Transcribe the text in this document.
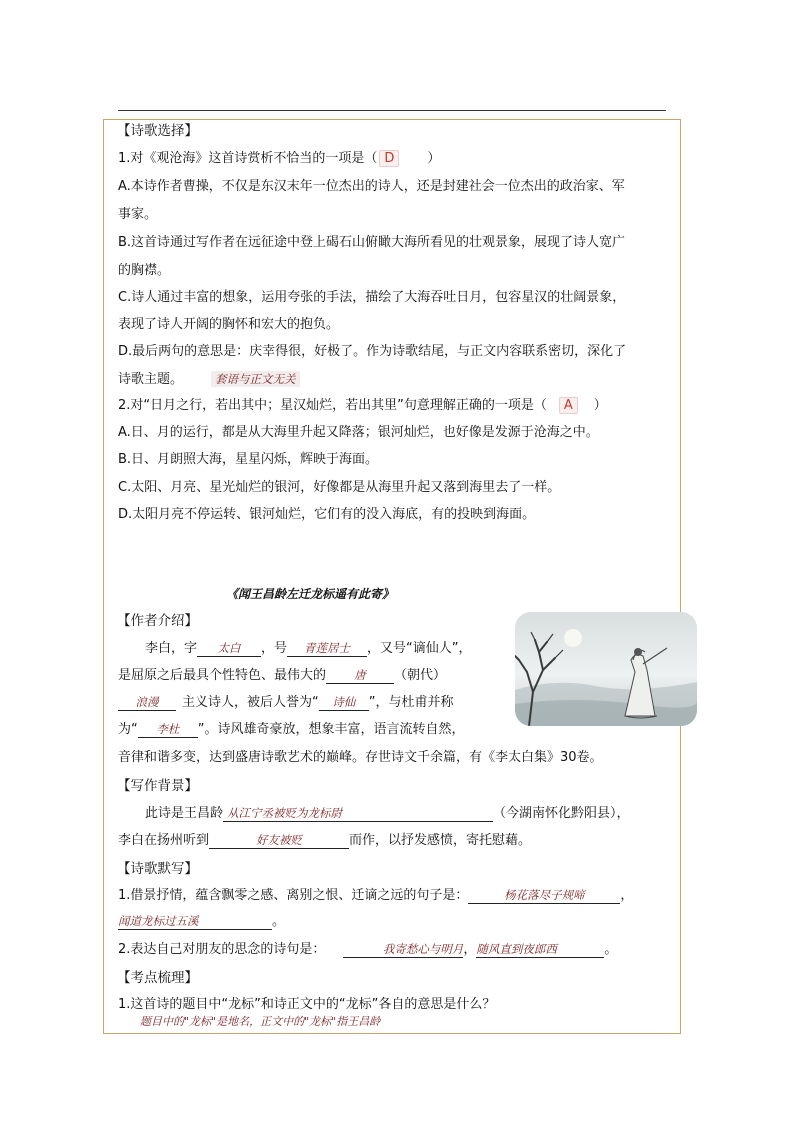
【诗歌选择】
1.对《观沧海》这首诗赏析不恰当的一项是（ D	）
A.本诗作者曹操，不仅是东汉末年一位杰出的诗人，还是封建社会一位杰出的政治家、军
事家。
B.这首诗通过写作者在远征途中登上碣石山俯瞰大海所看见的壮观景象，展现了诗人宽广
的胸襟。
C.诗人通过丰富的想象，运用夸张的手法，描绘了大海吞吐日月，包容星汉的壮阔景象，
表现了诗人开阔的胸怀和宏大的抱负。
D.最后两句的意思是：庆幸得很，好极了。作为诗歌结尾，与正文内容联系密切，深化了
诗歌主题。	套语与正文无关
2.对“日月之行，若出其中；星汉灿烂，若出其里”句意理解正确的一项是（ A ）
A.日、月的运行，都是从大海里升起又降落；银河灿烂，也好像是发源于沧海之中。
B.日、月朗照大海，星星闪烁，辉映于海面。
C.太阳、月亮、星光灿烂的银河，好像都是从海里升起又落到海里去了一样。
D.太阳月亮不停运转、银河灿烂，它们有的没入海底，有的投映到海面。
《闻王昌龄左迁龙标遥有此寄》
【作者介绍】
李白，字 太白 ，号 青莲居士 ，又号“谪仙人”，
是屈原之后最具个性特色、最伟大的 唐 （朝代）
浪漫 主义诗人，被后人誉为“ 诗仙 ”，与杜甫并称
为“ 李杜 ”。诗风雄奇豪放，想象丰富，语言流转自然，
音律和谐多变，达到盛唐诗歌艺术的巅峰。存世诗文千余篇，有《李太白集》30卷。
【写作背景】
此诗是王昌龄 从江宁丞被贬为龙标尉	（今湖南怀化黔阳县），
李白在扬州听到	好友被贬	而作，以抒发感愤，寄托慰藉。
【诗歌默写】
1.借景抒情，蕴含飘零之感、离别之恨、迁谪之远的句子是：	杨花落尽子规啼	，
闻道龙标过五溪	。
2.表达自己对朋友的思念的诗句是：	我寄愁心与明月，随风直到夜郎西	。
【考点梳理】
1.这首诗的题目中“龙标”和诗正文中的“龙标”各自的意思是什么？
题目中的"龙标"是地名，正文中的"龙标"指王昌龄
